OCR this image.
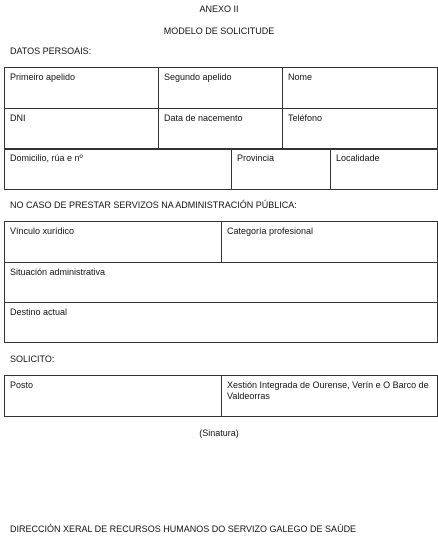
ANEXO II
MODELO DE SOLICITUDE
DATOS PERSOAIS:
Primeiro apelido	Segundo apelido	Nome
DNI	Data de nacemento	Teléfono
Domicilio, rúa e nº	Provincia	Localidade
NO CASO DE PRESTAR SERVIZOS NA ADMINISTRACIÓN PÚBLICA:
Vínculo xurídico	Categoría profesional
Situación administrativa
Destino actual
SOLICITO:
Posto	Xestión Integrada de Ourense, Verín e O Barco de Valdeorras
(Sinatura)
DIRECCIÓN XERAL DE RECURSOS HUMANOS DO SERVIZO GALEGO DE SAÚDE
